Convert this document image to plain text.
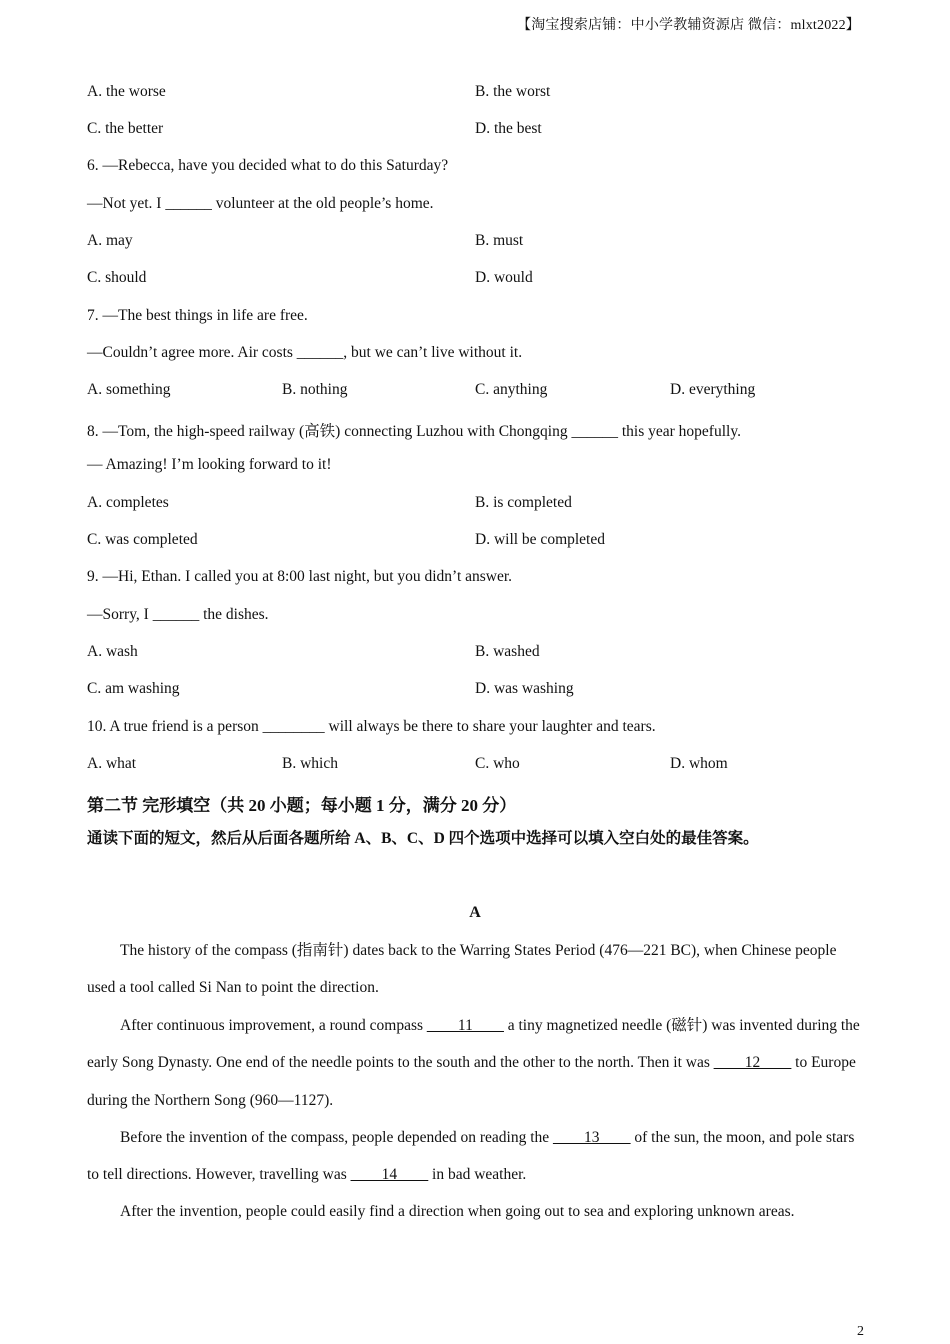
【淘宝搜索店铺：中小学教辅资源店 微信：mlxt2022】
A. the worse	B. the worst
C. the better	D. the best
6. —Rebecca, have you decided what to do this Saturday?
—Not yet. I ______ volunteer at the old people’s home.
A. may	B. must
C. should	D. would
7. —The best things in life are free.
—Couldn’t agree more. Air costs ______, but we can’t live without it.
A. something	B. nothing	C. anything	D. everything
8. —Tom, the high-speed railway (高铁) connecting Luzhou with Chongqing ______ this year hopefully.
— Amazing! I’m looking forward to it!
A. completes	B. is completed
C. was completed	D. will be completed
9. —Hi, Ethan. I called you at 8:00 last night, but you didn’t answer.
—Sorry, I ______ the dishes.
A. wash	B. washed
C. am washing	D. was washing
10. A true friend is a person ________ will always be there to share your laughter and tears.
A. what	B. which	C. who	D. whom
第二节 完形填空（共 20 小题；每小题 1 分，满分 20 分）
通读下面的短文，然后从后面各题所给 A、B、C、D 四个选项中选择可以填入空白处的最佳答案。
A
The history of the compass (指南针) dates back to the Warring States Period (476—221 BC), when Chinese people used a tool called Si Nan to point the direction.
After continuous improvement, a round compass ____11____ a tiny magnetized needle (磁针) was invented during the early Song Dynasty. One end of the needle points to the south and the other to the north. Then it was ____12____ to Europe during the Northern Song (960—1127).
Before the invention of the compass, people depended on reading the ____13____ of the sun, the moon, and pole stars to tell directions. However, travelling was ____14____ in bad weather.
After the invention, people could easily find a direction when going out to sea and exploring unknown areas.
2
